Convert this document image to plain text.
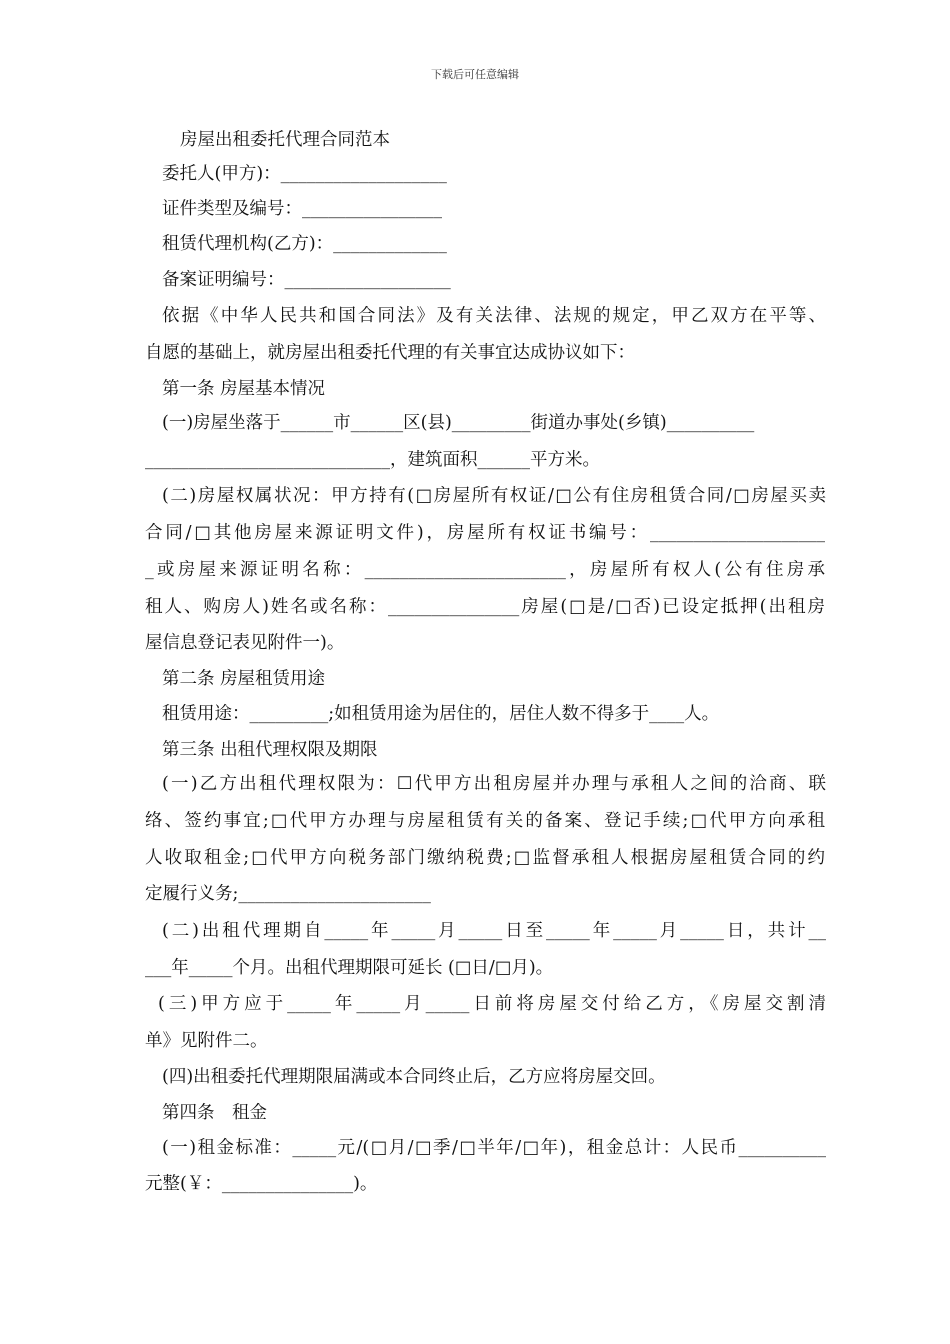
下载后可任意编辑
房屋出租委托代理合同范本
委托人(甲方)：___________________
证件类型及编号：________________
租赁代理机构(乙方)：_____________
备案证明编号：___________________
依据《中华人民共和国合同法》及有关法律、法规的规定，甲乙双方在平等、
自愿的基础上，就房屋出租委托代理的有关事宜达成协议如下：
第一条 房屋基本情况
(一)房屋坐落于______市______区(县)_________街道办事处(乡镇)__________
____________________________，建筑面积______平方米。
(二)房屋权属状况：甲方持有(□房屋所有权证/□公有住房租赁合同/□房屋买卖
合同/□其他房屋来源证明文件)，房屋所有权证书编号：____________________
_或房屋来源证明名称：_______________________，房屋所有权人(公有住房承
租人、购房人)姓名或名称：_______________房屋(□是/□否)已设定抵押(出租房
屋信息登记表见附件一)。
第二条 房屋租赁用途
租赁用途：_________;如租赁用途为居住的，居住人数不得多于____人。
第三条 出租代理权限及期限
(一)乙方出租代理权限为：☐代甲方出租房屋并办理与承租人之间的洽商、联
络、签约事宜;□代甲方办理与房屋租赁有关的备案、登记手续;□代甲方向承租
人收取租金;□代甲方向税务部门缴纳税费;□监督承租人根据房屋租赁合同的约
定履行义务;______________________
(二)出租代理期自_____年_____月_____日至_____年_____月_____日，共计__
___年_____个月。出租代理期限可延长 (□日/□月)。
(三)甲方应于_____年_____月_____日前将房屋交付给乙方，《房屋交割清
单》见附件二。
(四)出租委托代理期限届满或本合同终止后，乙方应将房屋交回。
第四条　租金
(一)租金标准：_____元/(□月/□季/□半年/□年)，租金总计：人民币__________
元整(￥：_______________)。
